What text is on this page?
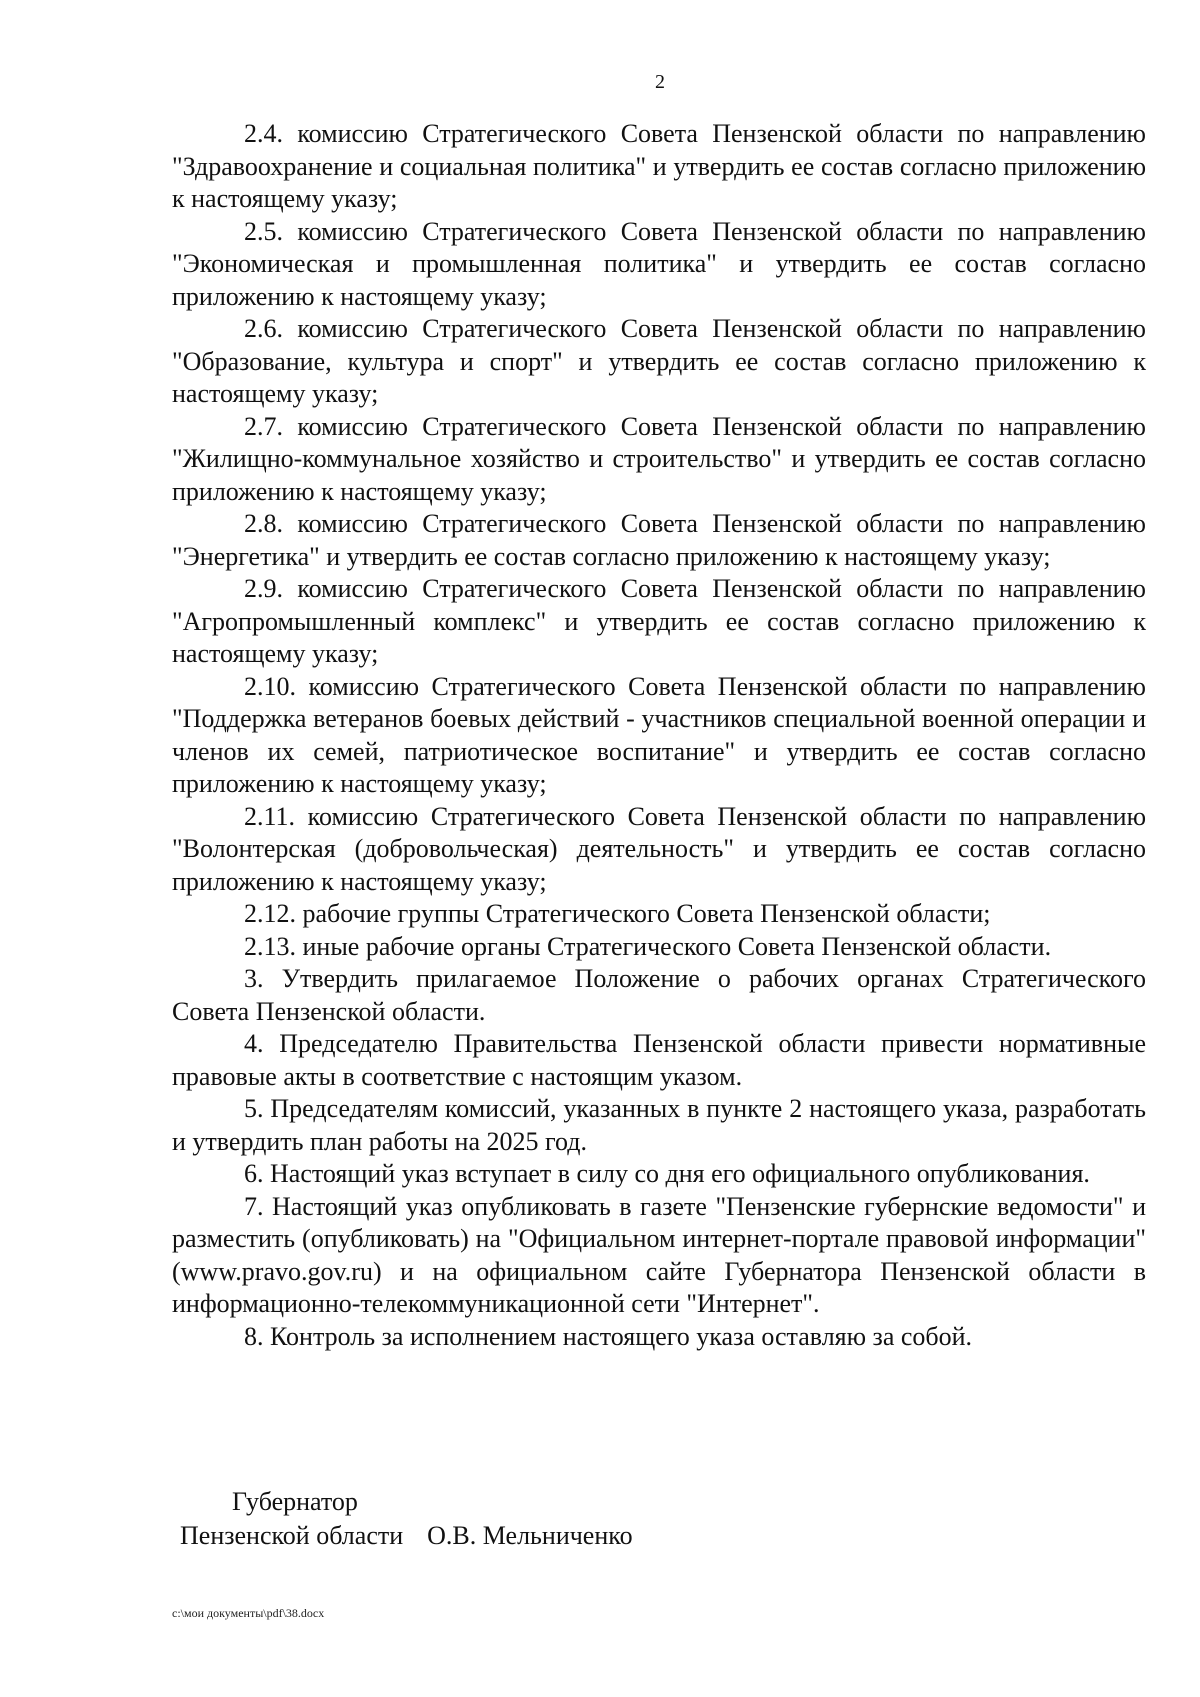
2

2.4. комиссию Стратегического Совета Пензенской области по направлению "Здравоохранение и социальная политика" и утвердить ее состав согласно приложению к настоящему указу;

2.5. комиссию Стратегического Совета Пензенской области по направлению "Экономическая и промышленная политика" и утвердить ее состав согласно приложению к настоящему указу;

2.6. комиссию Стратегического Совета Пензенской области по направлению "Образование, культура и спорт" и утвердить ее состав согласно приложению к настоящему указу;

2.7. комиссию Стратегического Совета Пензенской области по направлению "Жилищно-коммунальное хозяйство и строительство" и утвердить ее состав согласно приложению к настоящему указу;

2.8. комиссию Стратегического Совета Пензенской области по направлению "Энергетика" и утвердить ее состав согласно приложению к настоящему указу;

2.9. комиссию Стратегического Совета Пензенской области по направлению "Агропромышленный комплекс" и утвердить ее состав согласно приложению к настоящему указу;

2.10. комиссию Стратегического Совета Пензенской области по направлению "Поддержка ветеранов боевых действий - участников специальной военной операции и членов их семей, патриотическое воспитание" и утвердить ее состав согласно приложению к настоящему указу;

2.11. комиссию Стратегического Совета Пензенской области по направлению "Волонтерская (добровольческая) деятельность" и утвердить ее состав согласно приложению к настоящему указу;

2.12. рабочие группы Стратегического Совета Пензенской области;

2.13. иные рабочие органы Стратегического Совета Пензенской области.

3. Утвердить прилагаемое Положение о рабочих органах Стратегического Совета Пензенской области.

4. Председателю Правительства Пензенской области привести нормативные правовые акты в соответствие с настоящим указом.

5. Председателям комиссий, указанных в пункте 2 настоящего указа, разработать и утвердить план работы на 2025 год.

6. Настоящий указ вступает в силу со дня его официального опубликования.

7. Настоящий указ опубликовать в газете "Пензенские губернские ведомости" и разместить (опубликовать) на "Официальном интернет-портале правовой информации" (www.pravo.gov.ru) и на официальном сайте Губернатора Пензенской области в информационно-телекоммуникационной сети "Интернет".

8. Контроль за исполнением настоящего указа оставляю за собой.

Губернатор
Пензенской области О.В. Мельниченко
c:\мои документы\pdf\38.docx
